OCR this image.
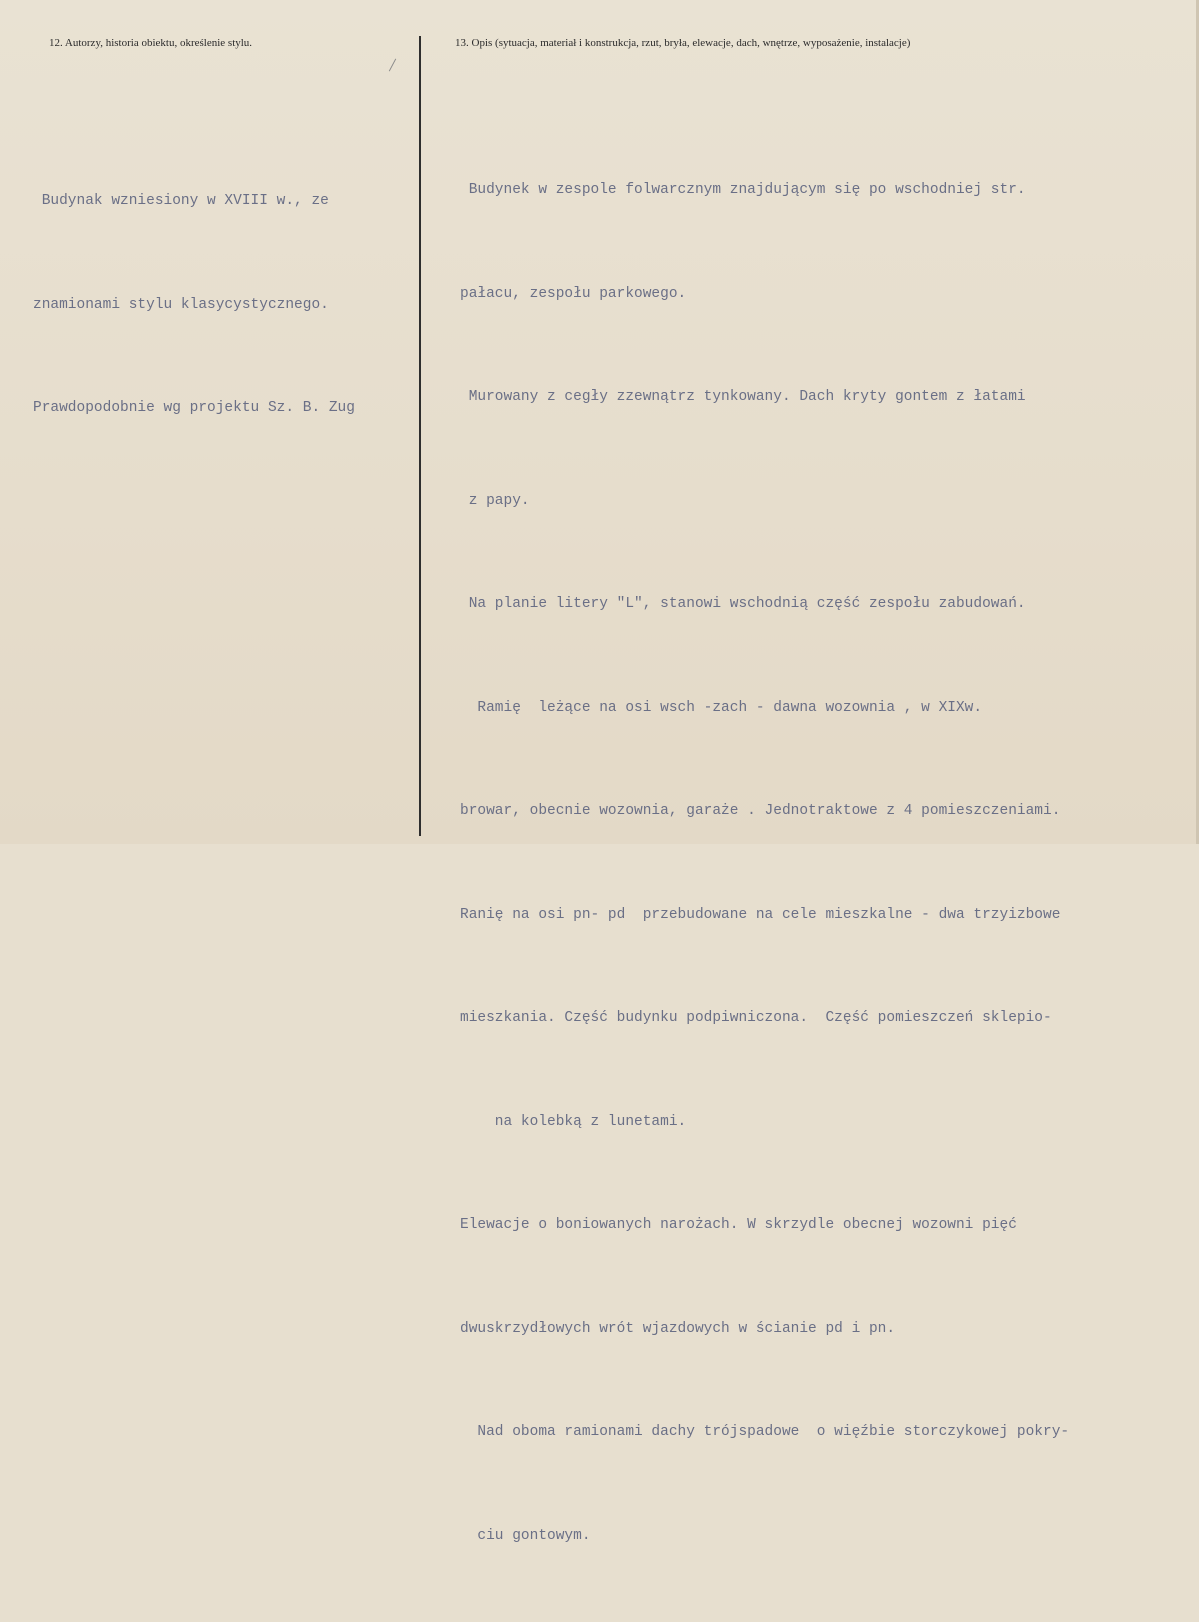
12. Autorzy, historia obiektu, określenie stylu.	13. Opis (sytuacja, materiał i konstrukcja, rzut, bryła, elewacje, dach, wnętrze, wyposażenie, instalacje)

Budynak wzniesiony w XVIII w., ze

znamionami stylu klasycystycznego.

Prawdopodobnie wg projektu Sz. B. Zug

Budynek w zespole folwarcznym znajdującym się po wschodniej str.

pałacu, zespołu parkowego.

Murowany z cegły zzewnątrz tynkowany. Dach kryty gontem z łatami

z papy.

Na planie litery "L", stanowi wschodnią część zespołu zabudowań.

Ramię  leżące na osi wsch -zach - dawna wozownia , w XIXw.

browar, obecnie wozownia, garaże . Jednotraktowe z 4 pomieszczeniami.

Ranię na osi pn- pd  przebudowane na cele mieszkalne - dwa trzyizbowe

mieszkania. Część budynku podpiwniczona.  Część pomieszczeń sklepio-

na kolebką z lunetami.

Elewacje o boniowanych narożach. W skrzydle obecnej wozowni pięć

dwuskrzydłowych wrót wjazdowych w ścianie pd i pn.

Nad oboma ramionami dachy trójspadowe  o więźbie storczykowej pokry-

ciu gontowym.
